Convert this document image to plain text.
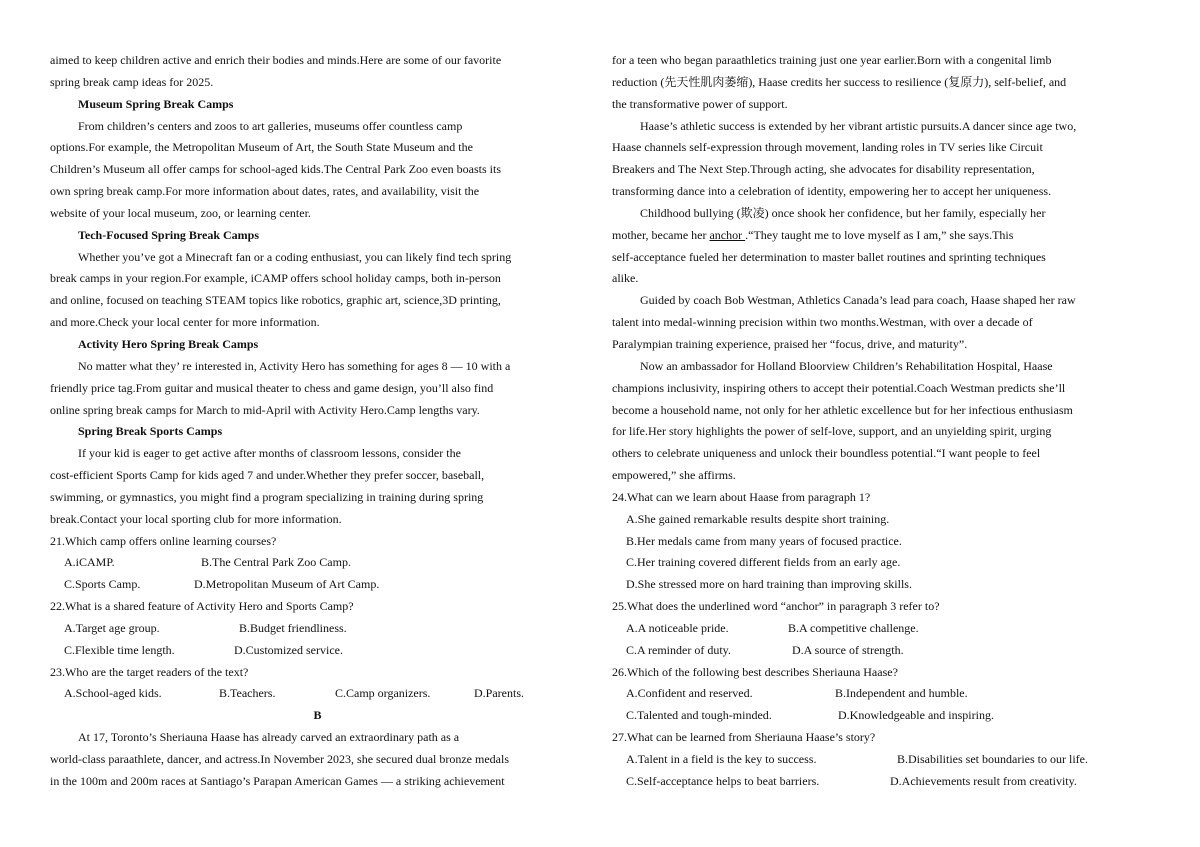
aimed to keep children active and enrich their bodies and minds.Here are some of our favorite
spring break camp ideas for 2025.
Museum Spring Break Camps
From children’s centers and zoos to art galleries, museums offer countless camp
options.For example, the Metropolitan Museum of Art, the South State Museum and the
Children’s Museum all offer camps for school-aged kids.The Central Park Zoo even boasts its
own spring break camp.For more information about dates, rates, and availability, visit the
website of your local museum, zoo, or learning center.
Tech-Focused Spring Break Camps
Whether you’ve got a Minecraft fan or a coding enthusiast, you can likely find tech spring
break camps in your region.For example, iCAMP offers school holiday camps, both in-person
and online, focused on teaching STEAM topics like robotics, graphic art, science,3D printing,
and more.Check your local center for more information.
Activity Hero Spring Break Camps
No matter what they’ re interested in, Activity Hero has something for ages 8 — 10 with a
friendly price tag.From guitar and musical theater to chess and game design, you’ll also find
online spring break camps for March to mid-April with Activity Hero.Camp lengths vary.
Spring Break Sports Camps
If your kid is eager to get active after months of classroom lessons, consider the
cost-efficient Sports Camp for kids aged 7 and under.Whether they prefer soccer, baseball,
swimming, or gymnastics, you might find a program specializing in training during spring
break.Contact your local sporting club for more information.
21.Which camp offers online learning courses?
A.iCAMP.	B.The Central Park Zoo Camp.
C.Sports Camp.	D.Metropolitan Museum of Art Camp.
22.What is a shared feature of Activity Hero and Sports Camp?
A.Target age group.	B.Budget friendliness.
C.Flexible time length.	D.Customized service.
23.Who are the target readers of the text?
A.School-aged kids.	B.Teachers.	C.Camp organizers.	D.Parents.
B
At 17, Toronto’s Sheriauna Haase has already carved an extraordinary path as a
world-class paraathlete, dancer, and actress.In November 2023, she secured dual bronze medals
in the 100m and 200m races at Santiago’s Parapan American Games — a striking achievement
for a teen who began paraathletics training just one year earlier.Born with a congenital limb
reduction (先天性肌肉萎缩), Haase credits her success to resilience (复原力), self-belief, and
the transformative power of support.
Haase’s athletic success is extended by her vibrant artistic pursuits.A dancer since age two,
Haase channels self-expression through movement, landing roles in TV series like Circuit
Breakers and The Next Step.Through acting, she advocates for disability representation,
transforming dance into a celebration of identity, empowering her to accept her uniqueness.
Childhood bullying (欺凌) once shook her confidence, but her family, especially her
mother, became her anchor .“They taught me to love myself as I am,” she says.This
self-acceptance fueled her determination to master ballet routines and sprinting techniques
alike.
Guided by coach Bob Westman, Athletics Canada’s lead para coach, Haase shaped her raw
talent into medal-winning precision within two months.Westman, with over a decade of
Paralympian training experience, praised her “focus, drive, and maturity”.
Now an ambassador for Holland Bloorview Children’s Rehabilitation Hospital, Haase
champions inclusivity, inspiring others to accept their potential.Coach Westman predicts she’ll
become a household name, not only for her athletic excellence but for her infectious enthusiasm
for life.Her story highlights the power of self-love, support, and an unyielding spirit, urging
others to celebrate uniqueness and unlock their boundless potential.“I want people to feel
empowered,” she affirms.
24.What can we learn about Haase from paragraph 1?
A.She gained remarkable results despite short training.
B.Her medals came from many years of focused practice.
C.Her training covered different fields from an early age.
D.She stressed more on hard training than improving skills.
25.What does the underlined word “anchor” in paragraph 3 refer to?
A.A noticeable pride.	B.A competitive challenge.
C.A reminder of duty.	D.A source of strength.
26.Which of the following best describes Sheriauna Haase?
A.Confident and reserved.	B.Independent and humble.
C.Talented and tough-minded.	D.Knowledgeable and inspiring.
27.What can be learned from Sheriauna Haase’s story?
A.Talent in a field is the key to success.	B.Disabilities set boundaries to our life.
C.Self-acceptance helps to beat barriers.	D.Achievements result from creativity.
